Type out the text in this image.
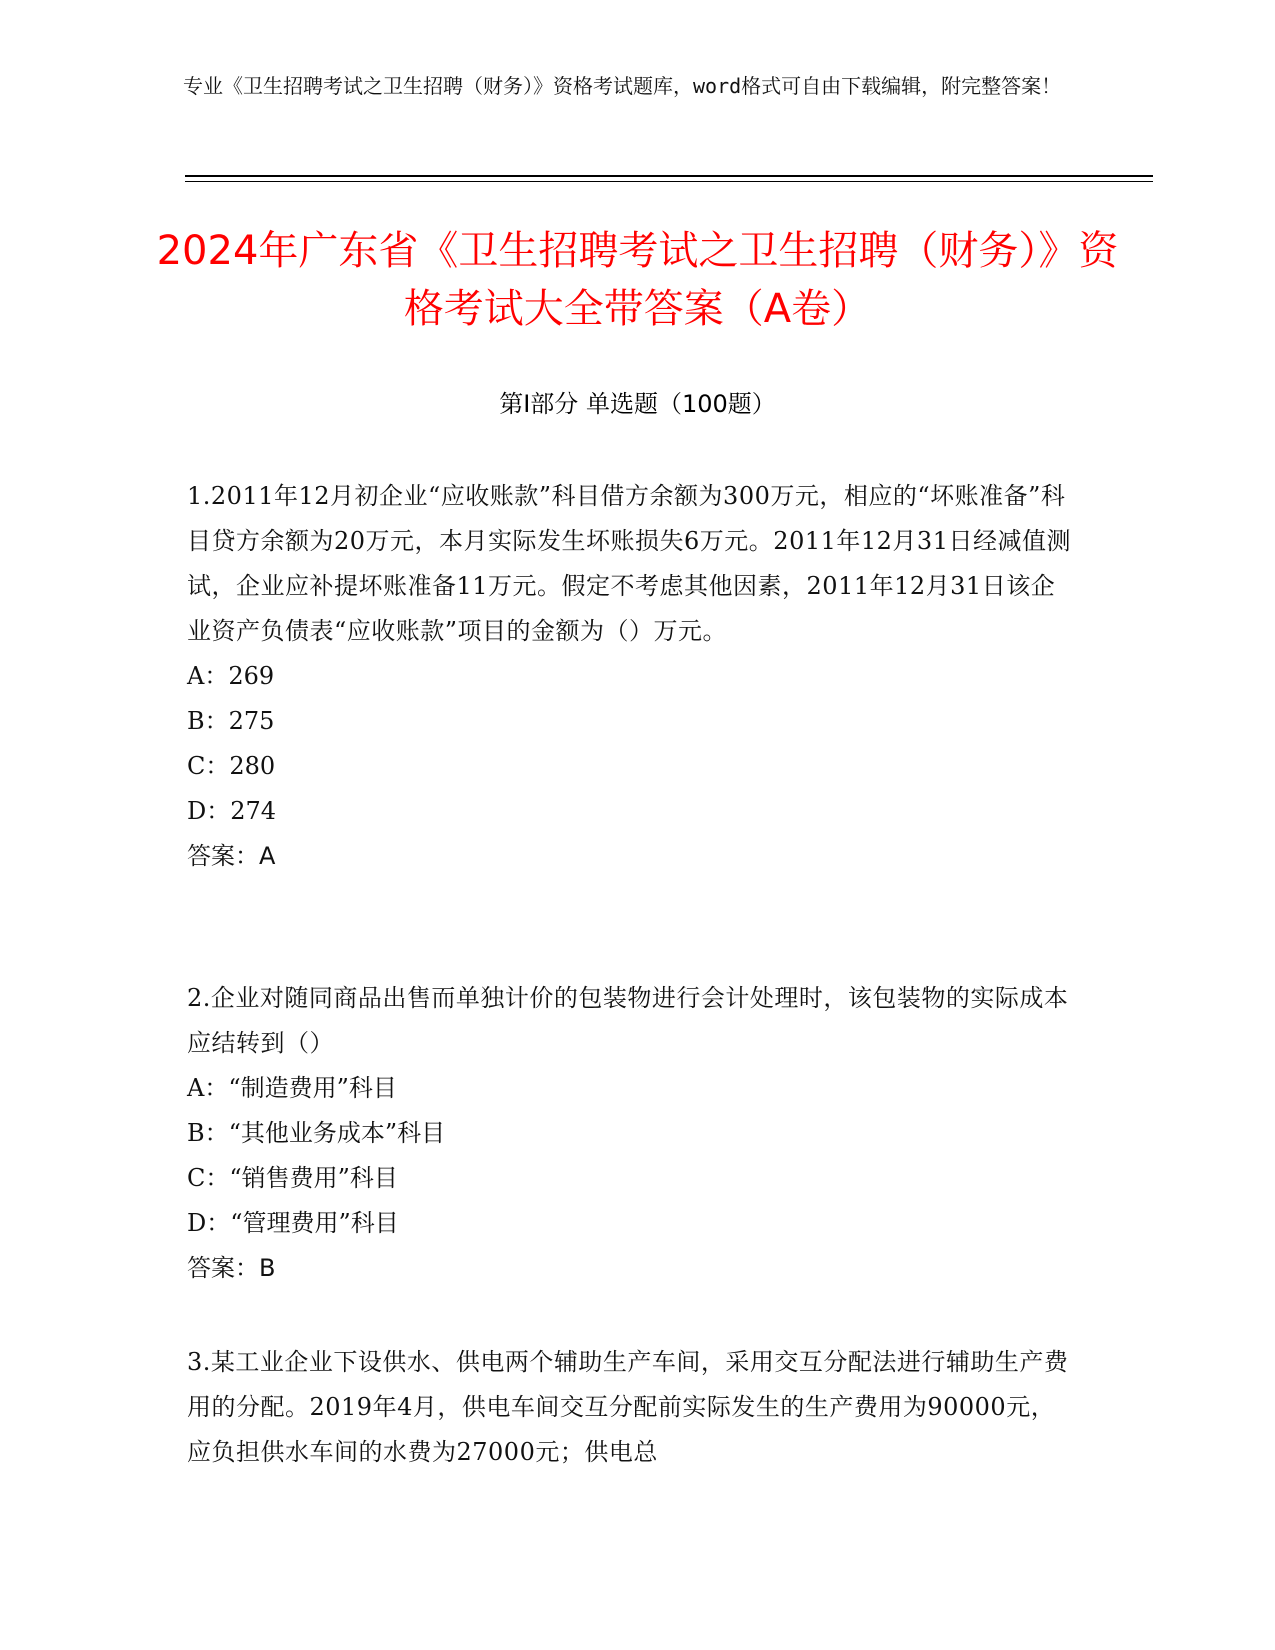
专业《卫生招聘考试之卫生招聘（财务）》资格考试题库，word格式可自由下载编辑，附完整答案！
2024年广东省《卫生招聘考试之卫生招聘（财务）》资格考试大全带答案（A卷）
第Ⅰ部分 单选题（100题）
1.2011年12月初企业“应收账款”科目借方余额为300万元，相应的“坏账准备”科目贷方余额为20万元，本月实际发生坏账损失6万元。2011年12月31日经减值测试，企业应补提坏账准备11万元。假定不考虑其他因素，2011年12月31日该企业资产负债表“应收账款”项目的金额为（）万元。
A：269
B：275
C：280
D：274
答案：A
2.企业对随同商品出售而单独计价的包装物进行会计处理时，该包装物的实际成本应结转到（）
A：“制造费用”科目
B：“其他业务成本”科目
C：“销售费用”科目
D：“管理费用”科目
答案：B
3.某工业企业下设供水、供电两个辅助生产车间，采用交互分配法进行辅助生产费用的分配。2019年4月，供电车间交互分配前实际发生的生产费用为90000元，应负担供水车间的水费为27000元；供电总
